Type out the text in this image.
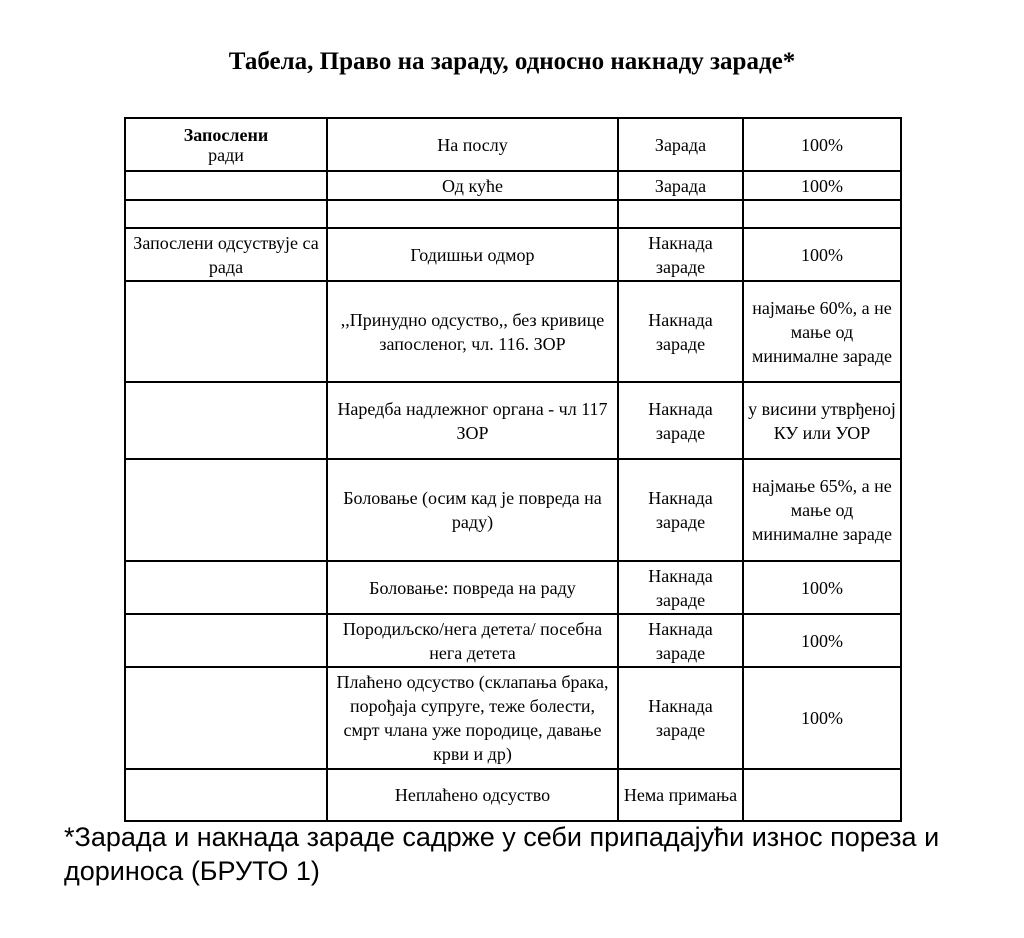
Табела, Право на зараду, односно накнаду зараде*
Запослени
ради	На послу	Зарада	100%
	Од куће	Зарада	100%

Запослени одсуствује са рада	Годишњи одмор	Накнада зараде	100%
	,,Принудно одсуство,, без кривице запосленог, чл. 116. ЗОР	Накнада зараде	најмање 60%, а не мање од минималне зараде
	Наредба надлежног органа - чл 117 ЗОР	Накнада зараде	у висини утврђеној КУ или УОР
	Боловање (осим кад је повреда на раду)	Накнада зараде	најмање 65%, а не мање од минималне зараде
	Боловање: повреда на раду	Накнада зараде	100%
	Породиљско/нега детета/ посебна нега детета	Накнада зараде	100%
	Плаћено одсуство (склапања брака, порођаја супруге, теже болести, смрт члана уже породице, давање крви и др)	Накнада зараде	100%
	Неплаћено одсуство	Нема примања	
*Зарада и накнада зараде садрже у себи припадајући износ пореза и дориноса (БРУТО 1)
